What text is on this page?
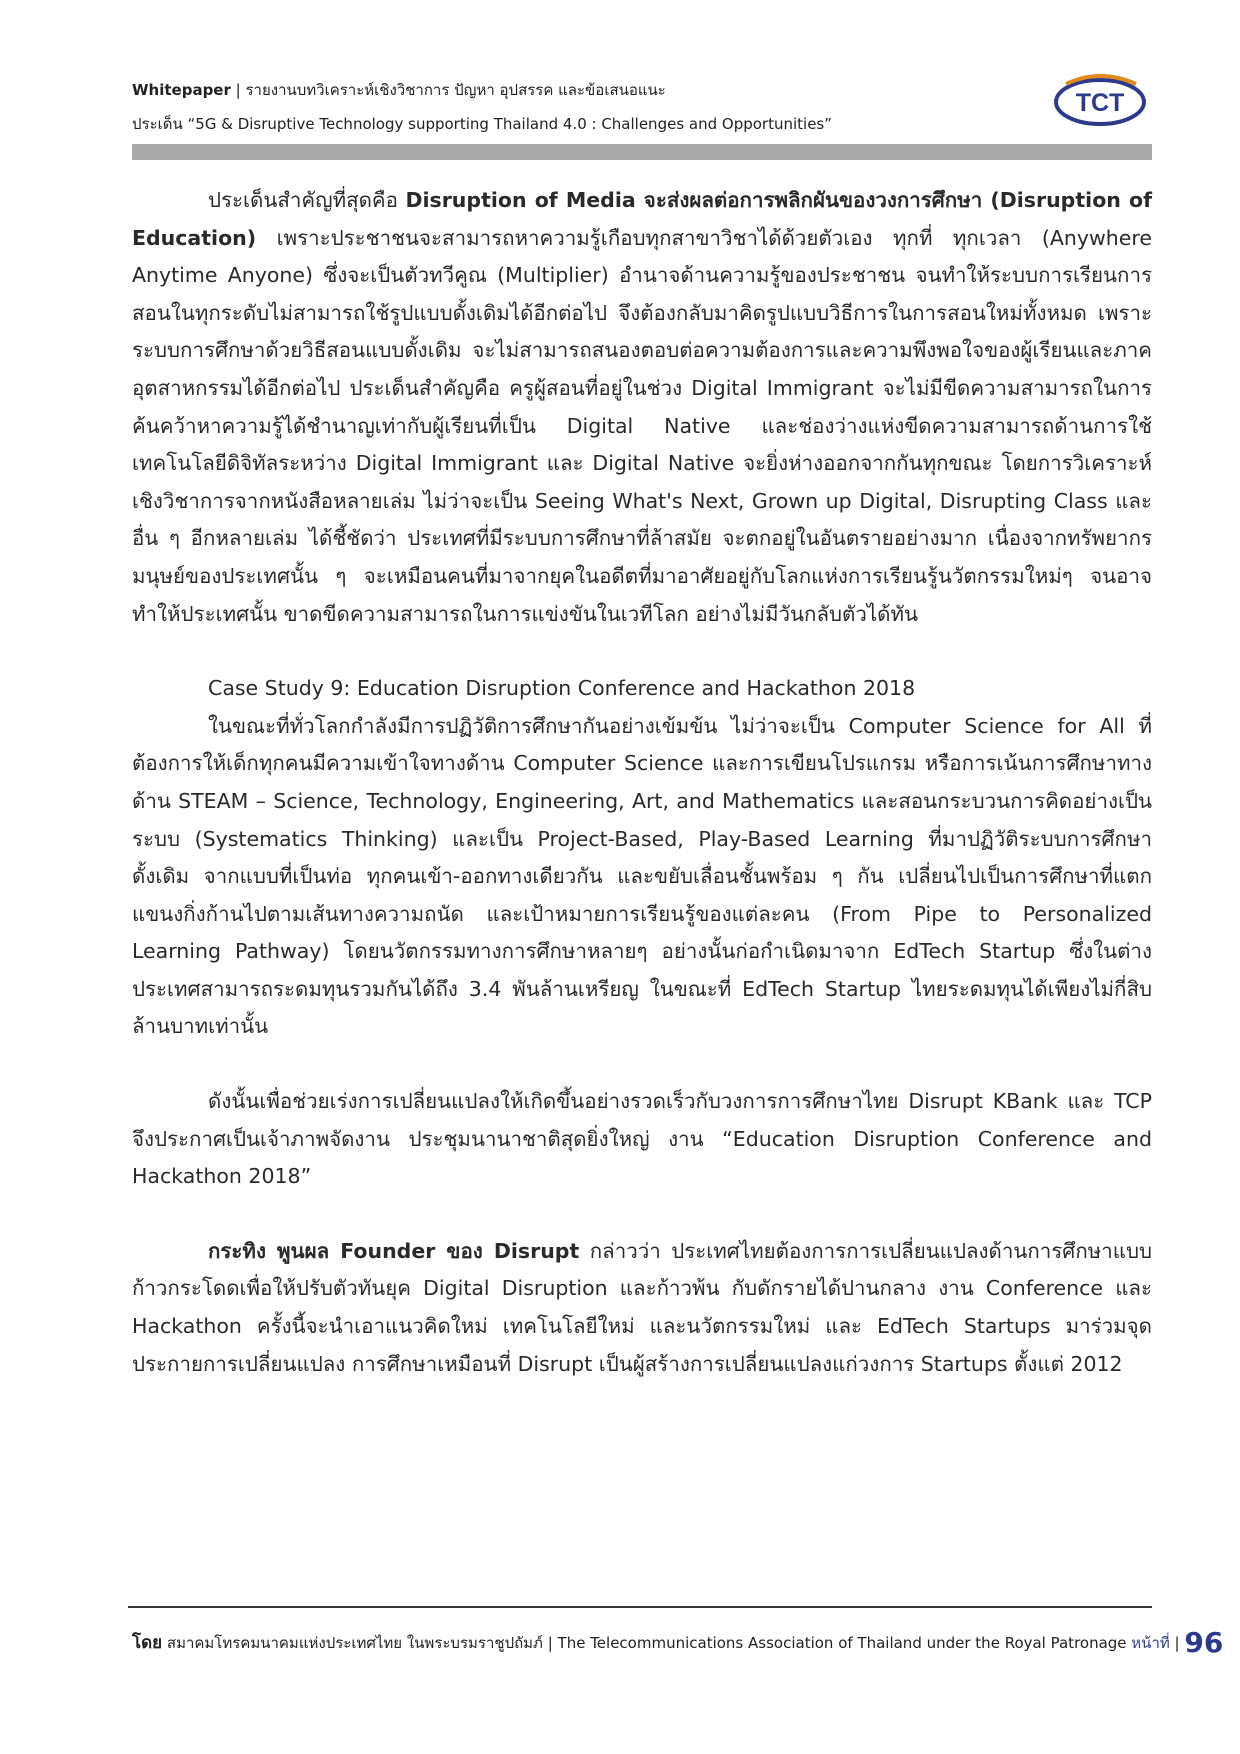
Whitepaper | รายงานบทวิเคราะห์เชิงวิชาการ ปัญหา อุปสรรค และข้อเสนอแนะ
ประเด็น “5G & Disruptive Technology supporting Thailand 4.0 : Challenges and Opportunities”
TCT

ประเด็นสำคัญที่สุดคือ Disruption of Media จะส่งผลต่อการพลิกผันของวงการศึกษา (Disruption of Education) เพราะประชาชนจะสามารถหาความรู้เกือบทุกสาขาวิชาได้ด้วยตัวเอง ทุกที่ ทุกเวลา (Anywhere Anytime Anyone) ซึ่งจะเป็นตัวทวีคูณ (Multiplier) อำนาจด้านความรู้ของประชาชน จนทำให้ระบบการเรียนการสอนในทุกระดับไม่สามารถใช้รูปแบบดั้งเดิมได้อีกต่อไป จึงต้องกลับมาคิดรูปแบบวิธีการในการสอนใหม่ทั้งหมด เพราะระบบการศึกษาด้วยวิธีสอนแบบดั้งเดิม จะไม่สามารถสนองตอบต่อความต้องการและความพึงพอใจของผู้เรียนและภาคอุตสาหกรรมได้อีกต่อไป ประเด็นสำคัญคือ ครูผู้สอนที่อยู่ในช่วง Digital Immigrant จะไม่มีขีดความสามารถในการค้นคว้าหาความรู้ได้ชำนาญเท่ากับผู้เรียนที่เป็น Digital Native และช่องว่างแห่งขีดความสามารถด้านการใช้เทคโนโลยีดิจิทัลระหว่าง Digital Immigrant และ Digital Native จะยิ่งห่างออกจากกันทุกขณะ โดยการวิเคราะห์เชิงวิชาการจากหนังสือหลายเล่ม ไม่ว่าจะเป็น Seeing What's Next, Grown up Digital, Disrupting Class และอื่น ๆ อีกหลายเล่ม ได้ชี้ชัดว่า ประเทศที่มีระบบการศึกษาที่ล้าสมัย จะตกอยู่ในอันตรายอย่างมาก เนื่องจากทรัพยากรมนุษย์ของประเทศนั้น ๆ จะเหมือนคนที่มาจากยุคในอดีตที่มาอาศัยอยู่กับโลกแห่งการเรียนรู้นวัตกรรมใหม่ๆ จนอาจทำให้ประเทศนั้น ขาดขีดความสามารถในการแข่งขันในเวทีโลก อย่างไม่มีวันกลับตัวได้ทัน

Case Study 9: Education Disruption Conference and Hackathon 2018

ในขณะที่ทั่วโลกกำลังมีการปฏิวัติการศึกษากันอย่างเข้มข้น ไม่ว่าจะเป็น Computer Science for All ที่ต้องการให้เด็กทุกคนมีความเข้าใจทางด้าน Computer Science และการเขียนโปรแกรม หรือการเน้นการศึกษาทางด้าน STEAM – Science, Technology, Engineering, Art, and Mathematics และสอนกระบวนการคิดอย่างเป็นระบบ (Systematics Thinking) และเป็น Project-Based, Play-Based Learning ที่มาปฏิวัติระบบการศึกษาดั้งเดิม จากแบบที่เป็นท่อ ทุกคนเข้า-ออกทางเดียวกัน และขยับเลื่อนชั้นพร้อม ๆ กัน เปลี่ยนไปเป็นการศึกษาที่แตกแขนงกิ่งก้านไปตามเส้นทางความถนัด และเป้าหมายการเรียนรู้ของแต่ละคน (From Pipe to Personalized Learning Pathway) โดยนวัตกรรมทางการศึกษาหลายๆ อย่างนั้นก่อกำเนิดมาจาก EdTech Startup ซึ่งในต่างประเทศสามารถระดมทุนรวมกันได้ถึง 3.4 พันล้านเหรียญ ในขณะที่ EdTech Startup ไทยระดมทุนได้เพียงไม่กี่สิบล้านบาทเท่านั้น

ดังนั้นเพื่อช่วยเร่งการเปลี่ยนแปลงให้เกิดขึ้นอย่างรวดเร็วกับวงการการศึกษาไทย Disrupt KBank และ TCP จึงประกาศเป็นเจ้าภาพจัดงาน ประชุมนานาชาติสุดยิ่งใหญ่ งาน “Education Disruption Conference and Hackathon 2018”

กระทิง พูนผล Founder ของ Disrupt กล่าวว่า ประเทศไทยต้องการการเปลี่ยนแปลงด้านการศึกษาแบบก้าวกระโดดเพื่อให้ปรับตัวทันยุค Digital Disruption และก้าวพ้น กับดักรายได้ปานกลาง งาน Conference และ Hackathon ครั้งนี้จะนำเอาแนวคิดใหม่ เทคโนโลยีใหม่ และนวัตกรรมใหม่ และ EdTech Startups มาร่วมจุดประกายการเปลี่ยนแปลง การศึกษาเหมือนที่ Disrupt เป็นผู้สร้างการเปลี่ยนแปลงแก่วงการ Startups ตั้งแต่ 2012

โดย สมาคมโทรคมนาคมแห่งประเทศไทย ในพระบรมราชูปถัมภ์ | The Telecommunications Association of Thailand under the Royal Patronage หน้าที่ | 96
